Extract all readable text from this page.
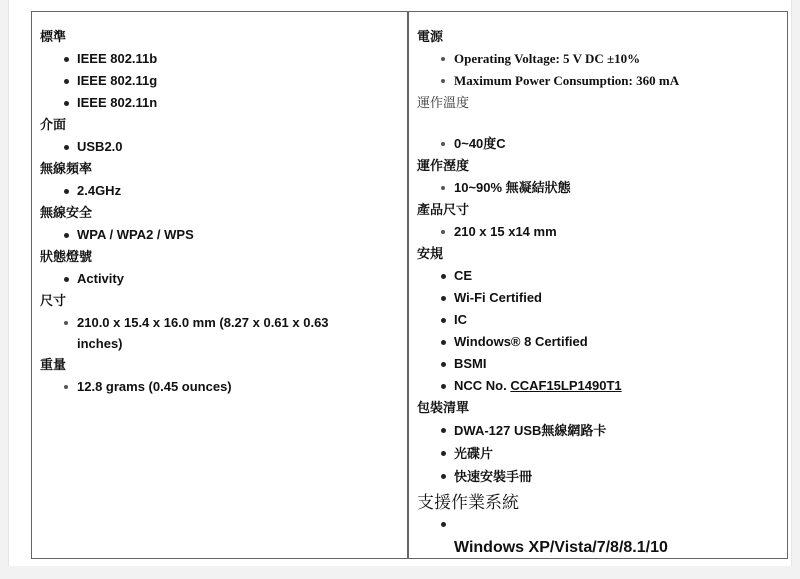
標準
IEEE 802.11b
IEEE 802.11g
IEEE 802.11n
介面
USB2.0
無線頻率
2.4GHz
無線安全
WPA / WPA2 / WPS
狀態燈號
Activity
尺寸
210.0 x 15.4 x 16.0 mm (8.27 x 0.61 x 0.63 inches)
重量
12.8 grams (0.45 ounces)
電源
Operating Voltage: 5 V DC ±10%
Maximum Power Consumption: 360 mA
運作溫度
0~40度C
運作溼度
10~90% 無凝結狀態
產品尺寸
210 x 15 x14 mm
安規
CE
Wi-Fi Certified
IC
Windows® 8 Certified
BSMI
NCC No. CCAF15LP1490T1
包裝清單
DWA-127 USB無線網路卡
光碟片
快速安裝手冊
支援作業系統
Windows XP/Vista/7/8/8.1/10
